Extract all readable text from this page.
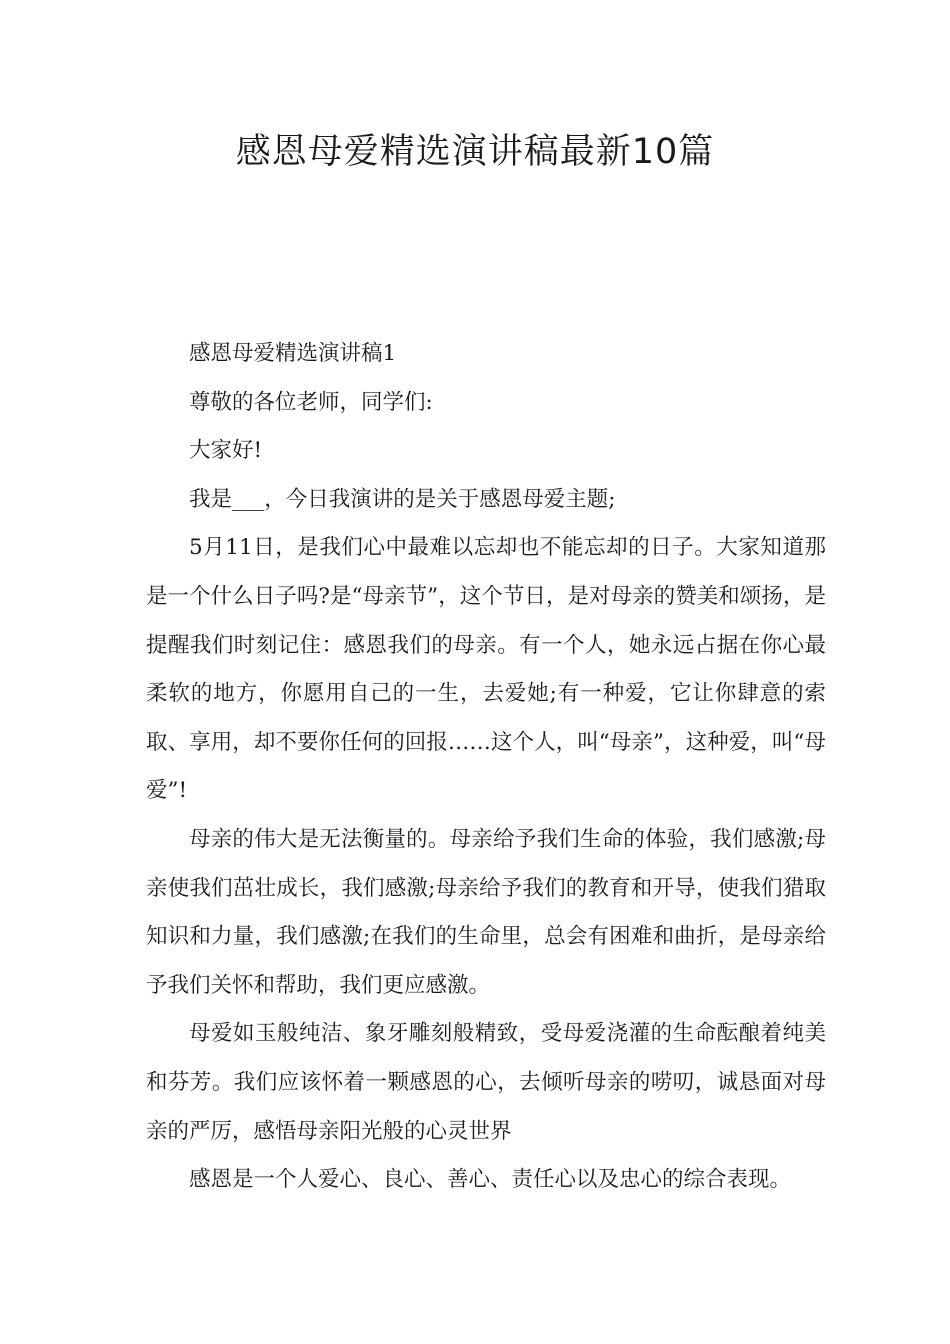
感恩母爱精选演讲稿最新10篇

感恩母爱精选演讲稿1

尊敬的各位老师，同学们:

大家好!

我是___，今日我演讲的是关于感恩母爱主题;

5月11日，是我们心中最难以忘却也不能忘却的日子。大家知道那是一个什么日子吗?是“母亲节”，这个节日，是对母亲的赞美和颂扬，是提醒我们时刻记住：感恩我们的母亲。有一个人，她永远占据在你心最柔软的地方，你愿用自己的一生，去爱她;有一种爱，它让你肆意的索取、享用，却不要你任何的回报……这个人，叫“母亲”，这种爱，叫“母爱”!

母亲的伟大是无法衡量的。母亲给予我们生命的体验，我们感激;母亲使我们茁壮成长，我们感激;母亲给予我们的教育和开导，使我们猎取知识和力量，我们感激;在我们的生命里，总会有困难和曲折，是母亲给予我们关怀和帮助，我们更应感激。

母爱如玉般纯洁、象牙雕刻般精致，受母爱浇灌的生命酝酿着纯美和芬芳。我们应该怀着一颗感恩的心，去倾听母亲的唠叨，诚恳面对母亲的严厉，感悟母亲阳光般的心灵世界

感恩是一个人爱心、良心、善心、责任心以及忠心的综合表现。
